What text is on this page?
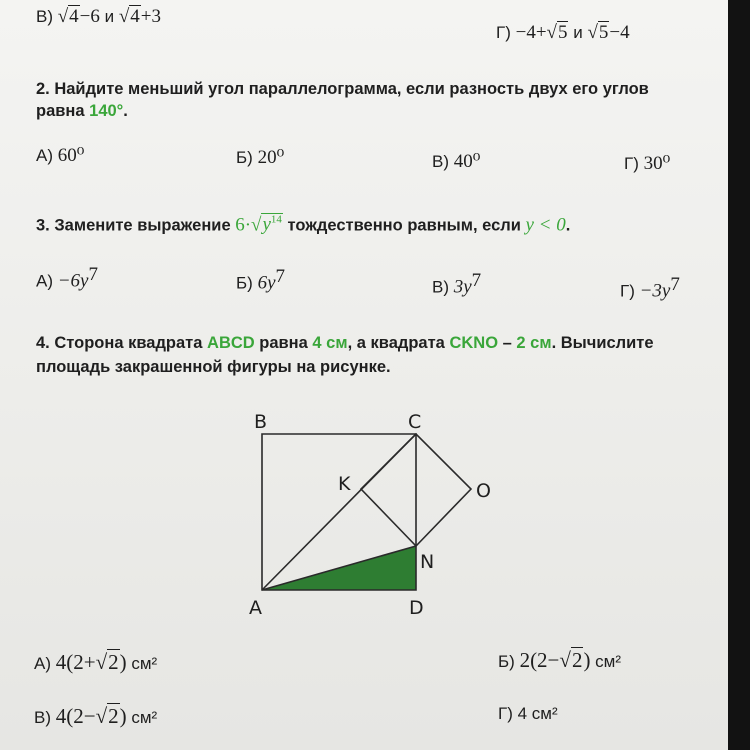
В) √4−6 и √4+3
Г) −4+√5 и √5−4
2. Найдите меньший угол параллелограмма, если разность двух его углов
равна 140°.
А) 60⁰	Б) 20⁰	В) 40⁰	Г) 30⁰
3. Замените выражение $6\cdot√y^{14}$ тождественно равным, если y < 0.
$А) -6y^7$	Б) $6y^7$
В) $3y^7$
$Г) -3y^7$
4. Сторона квадрата ABCD равна 4 см, а квадрата CKNO – 2 см. Вычислите
площадь закрашенной фигуры на рисунке.
B	C
K	O
N
A	D
А) 4(2+√2) см²	Б) 2(2−√2) см²
В) 4(2−√2) см²	Г) 4 см²
